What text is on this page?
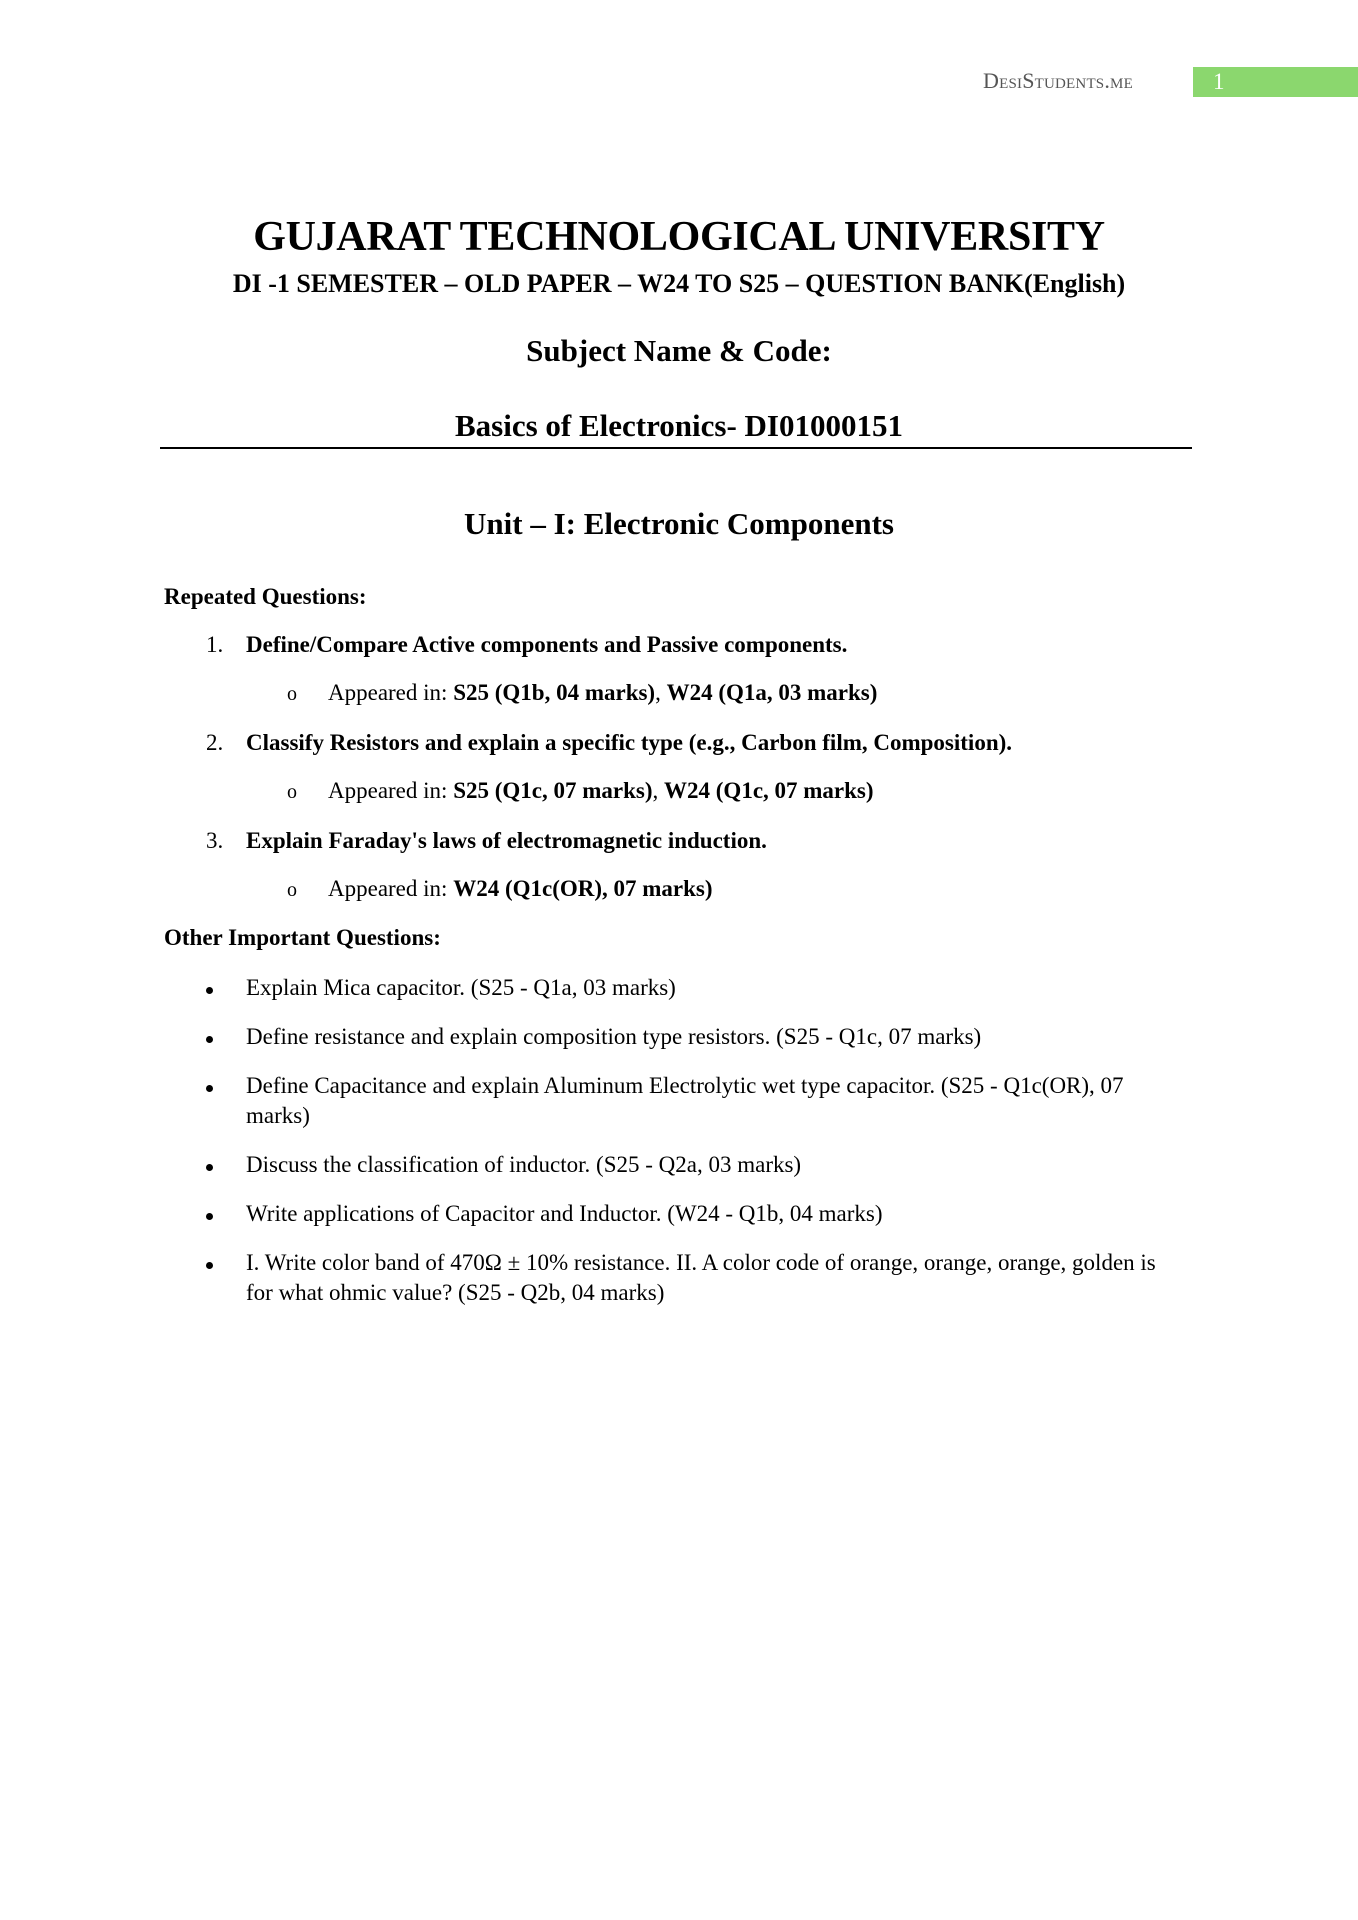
DesiStudents.me	1
GUJARAT TECHNOLOGICAL UNIVERSITY
DI -1 SEMESTER – OLD PAPER – W24 TO S25 – QUESTION BANK(English)
Subject Name & Code:
Basics of Electronics- DI01000151
Unit – I: Electronic Components
Repeated Questions:
1. Define/Compare Active components and Passive components.
o Appeared in: S25 (Q1b, 04 marks), W24 (Q1a, 03 marks)
2. Classify Resistors and explain a specific type (e.g., Carbon film, Composition).
o Appeared in: S25 (Q1c, 07 marks), W24 (Q1c, 07 marks)
3. Explain Faraday's laws of electromagnetic induction.
o Appeared in: W24 (Q1c(OR), 07 marks)
Other Important Questions:
Explain Mica capacitor. (S25 - Q1a, 03 marks)
Define resistance and explain composition type resistors. (S25 - Q1c, 07 marks)
Define Capacitance and explain Aluminum Electrolytic wet type capacitor. (S25 - Q1c(OR), 07 marks)
Discuss the classification of inductor. (S25 - Q2a, 03 marks)
Write applications of Capacitor and Inductor. (W24 - Q1b, 04 marks)
I. Write color band of 470Ω ± 10% resistance. II. A color code of orange, orange, orange, golden is for what ohmic value? (S25 - Q2b, 04 marks)
